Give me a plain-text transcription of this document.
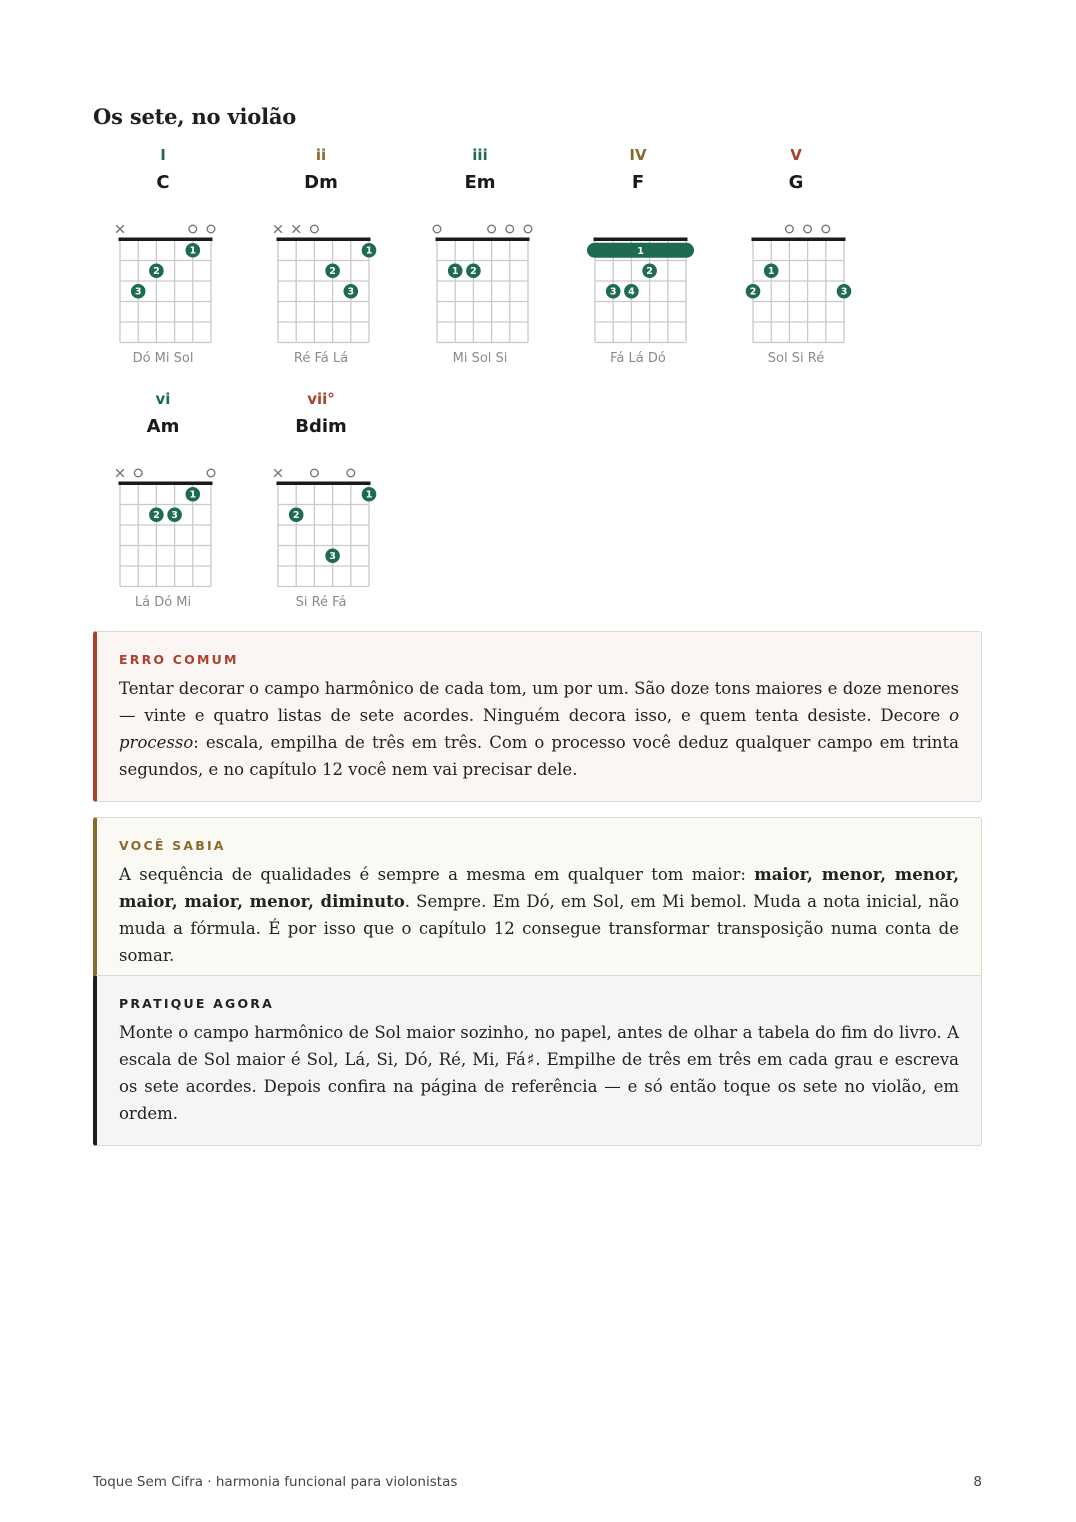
Os sete, no violão
I
C
3
2
1
Dó Mi Sol
ii
Dm
2
3
1
Ré Fá Lá
iii
Em
1 2
Mi Sol Si
IV
F
1
3 4
2
Fá Lá Dó
V
G
2
1
3
Sol Si Ré
vi
Am
2 3
1
Lá Dó Mi
vii°
Bdim
2
3
1
Si Ré Fá
ERRO COMUM

Tentar decorar o campo harmônico de cada tom, um por um. São doze tons maiores e doze menores — vinte e quatro listas de sete acordes. Ninguém decora isso, e quem tenta desiste. Decore o processo: escala, empilha de três em três. Com o processo você deduz qualquer campo em trinta segundos, e no capítulo 12 você nem vai precisar dele.

VOCÊ SABIA

A sequência de qualidades é sempre a mesma em qualquer tom maior: maior, menor, menor, maior, maior, menor, diminuto. Sempre. Em Dó, em Sol, em Mi bemol. Muda a nota inicial, não muda a fórmula. É por isso que o capítulo 12 consegue transformar transposição numa conta de somar.

PRATIQUE AGORA

Monte o campo harmônico de Sol maior sozinho, no papel, antes de olhar a tabela do fim do livro. A escala de Sol maior é Sol, Lá, Si, Dó, Ré, Mi, Fá♯. Empilhe de três em três em cada grau e escreva os sete acordes. Depois confira na página de referência — e só então toque os sete no violão, em ordem.

Toque Sem Cifra · harmonia funcional para violonistas	8
